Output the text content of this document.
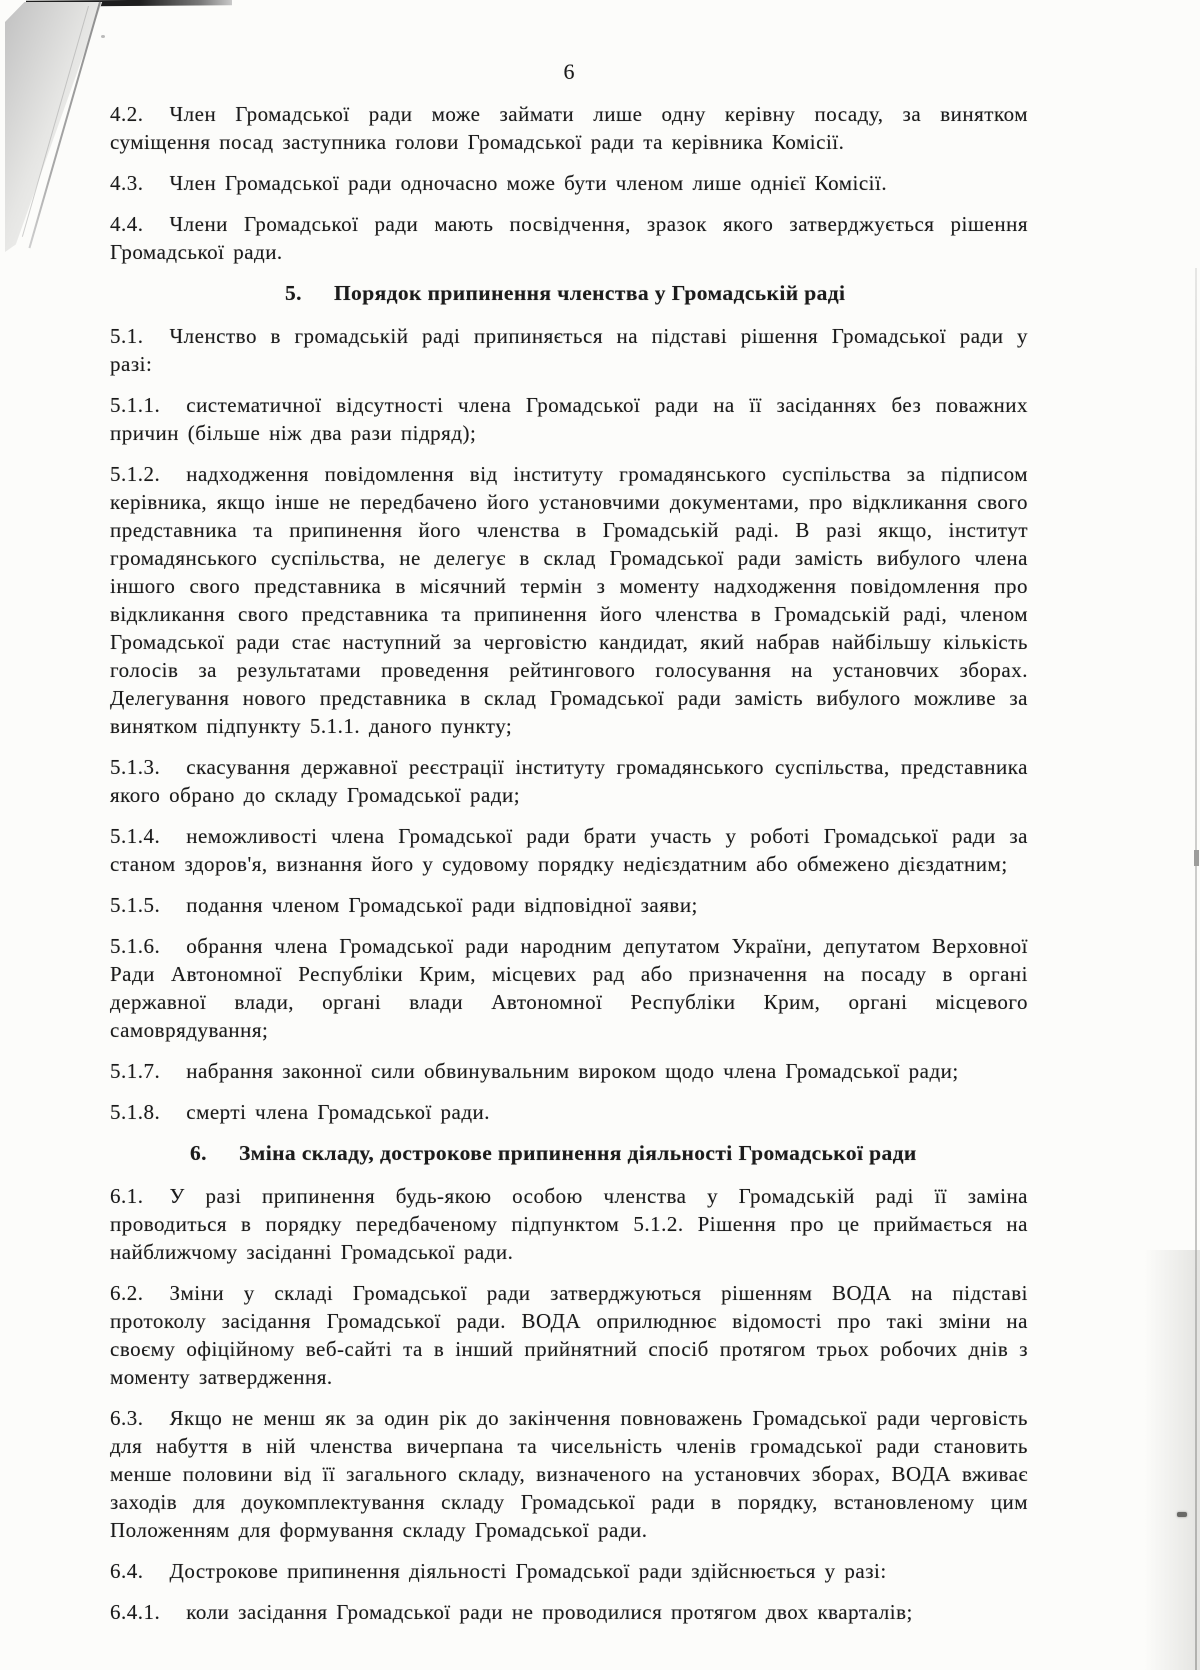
6

4.2. Член Громадської ради може займати лише одну керівну посаду, за винятком суміщення посад заступника голови Громадської ради та керівника Комісії.

4.3. Член Громадської ради одночасно може бути членом лише однієї Комісії.

4.4. Члени Громадської ради мають посвідчення, зразок якого затверджується рішення Громадської ради.

5. Порядок припинення членства у Громадській раді

5.1. Членство в громадській раді припиняється на підставі рішення Громадської ради у разі:

5.1.1. систематичної відсутності члена Громадської ради на її засіданнях без поважних причин (більше ніж два рази підряд);

5.1.2. надходження повідомлення від інституту громадянського суспільства за підписом керівника, якщо інше не передбачено його установчими документами, про відкликання свого представника та припинення його членства в Громадській раді. В разі якщо, інститут громадянського суспільства, не делегує в склад Громадської ради замість вибулого члена іншого свого представника в місячний термін з моменту надходження повідомлення про відкликання свого представника та припинення його членства в Громадській раді, членом Громадської ради стає наступний за черговістю кандидат, який набрав найбільшу кількість голосів за результатами проведення рейтингового голосування на установчих зборах. Делегування нового представника в склад Громадської ради замість вибулого можливе за винятком підпункту 5.1.1. даного пункту;

5.1.3. скасування державної реєстрації інституту громадянського суспільства, представника якого обрано до складу Громадської ради;

5.1.4. неможливості члена Громадської ради брати участь у роботі Громадської ради за станом здоров'я, визнання його у судовому порядку недієздатним або обмежено дієздатним;

5.1.5. подання членом Громадської ради відповідної заяви;

5.1.6. обрання члена Громадської ради народним депутатом України, депутатом Верховної Ради Автономної Республіки Крим, місцевих рад або призначення на посаду в органі державної влади, органі влади Автономної Республіки Крим, органі місцевого самоврядування;

5.1.7. набрання законної сили обвинувальним вироком щодо члена Громадської ради;

5.1.8. смерті члена Громадської ради.

6. Зміна складу, дострокове припинення діяльності Громадської ради

6.1. У разі припинення будь-якою особою членства у Громадській раді її заміна проводиться в порядку передбаченому підпунктом 5.1.2. Рішення про це приймається на найближчому засіданні Громадської ради.

6.2. Зміни у складі Громадської ради затверджуються рішенням ВОДА на підставі протоколу засідання Громадської ради. ВОДА оприлюднює відомості про такі зміни на своєму офіційному веб-сайті та в інший прийнятний спосіб протягом трьох робочих днів з моменту затвердження.

6.3. Якщо не менш як за один рік до закінчення повноважень Громадської ради черговість для набуття в ній членства вичерпана та чисельність членів громадської ради становить менше половини від її загального складу, визначеного на установчих зборах, ВОДА вживає заходів для доукомплектування складу Громадської ради в порядку, встановленому цим Положенням для формування складу Громадської ради.

6.4. Дострокове припинення діяльності Громадської ради здійснюється у разі:

6.4.1. коли засідання Громадської ради не проводилися протягом двох кварталів;
